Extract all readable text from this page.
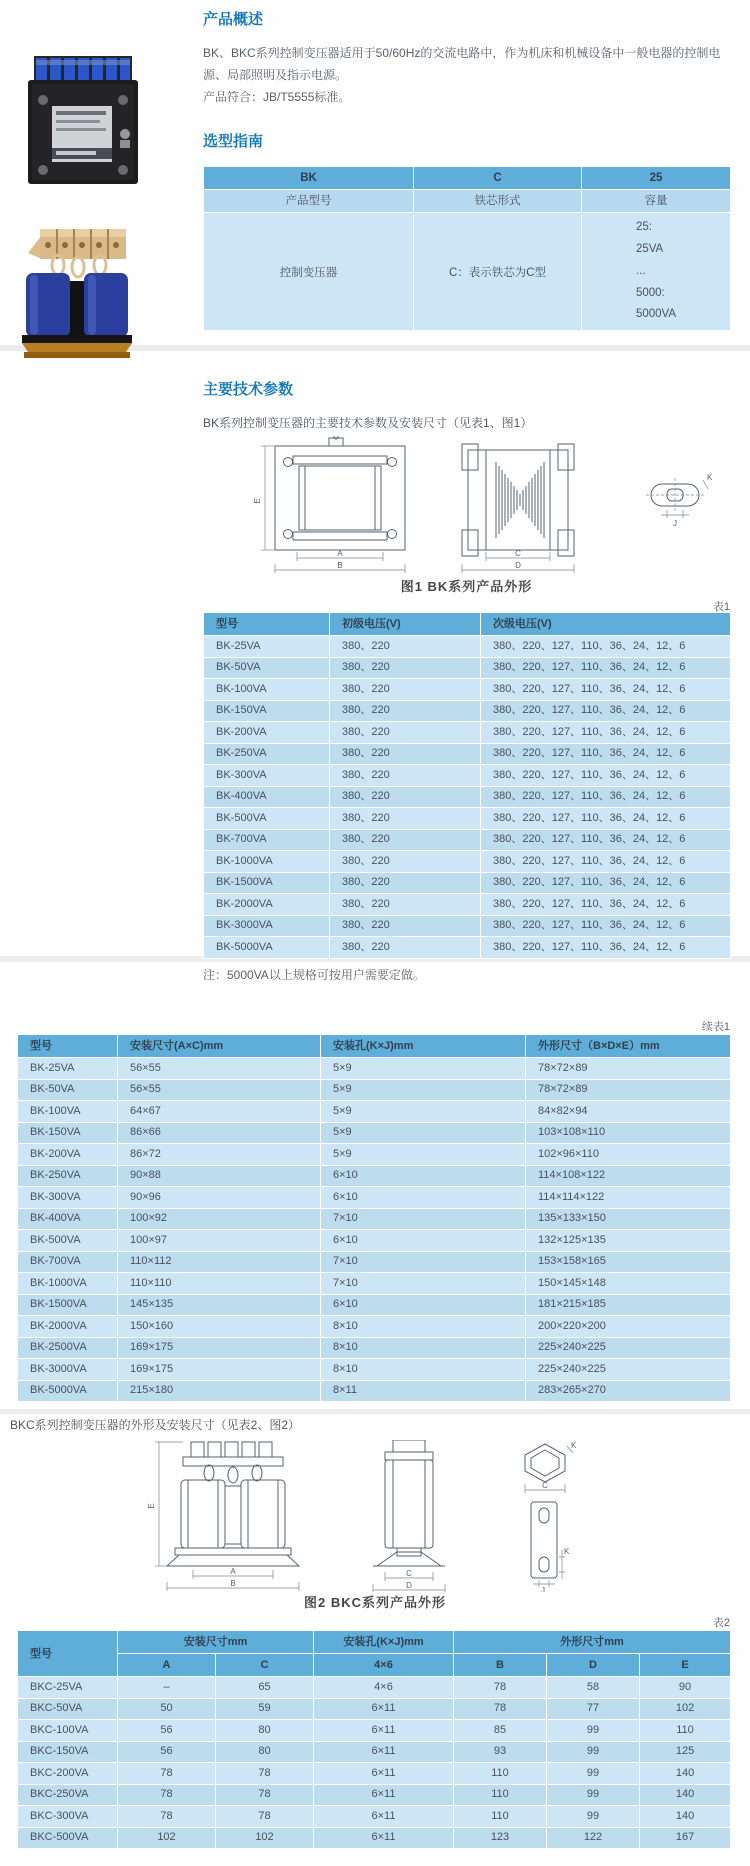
产品概述
BK、BKC系列控制变压器适用于50/60Hz的交流电路中，作为机床和机械设备中一般电器的控制电源、局部照明及指示电源。
产品符合：JB/T5555标准。
选型指南
BK	C	25
产品型号	铁芯形式	容量
控制变压器	C：表示铁芯为C型	25:
25VA
...
5000:
5000VA
主要技术参数
BK系列控制变压器的主要技术参数及安装尺寸（见表1、图1）
E
A
B
C
D
K
J
图1 BK系列产品外形
表1
型号	初级电压(V)	次级电压(V)
BK-25VA	380、220	380、220、127、110、36、24、12、6
BK-50VA	380、220	380、220、127、110、36、24、12、6
BK-100VA	380、220	380、220、127、110、36、24、12、6
BK-150VA	380、220	380、220、127、110、36、24、12、6
BK-200VA	380、220	380、220、127、110、36、24、12、6
BK-250VA	380、220	380、220、127、110、36、24、12、6
BK-300VA	380、220	380、220、127、110、36、24、12、6
BK-400VA	380、220	380、220、127、110、36、24、12、6
BK-500VA	380、220	380、220、127、110、36、24、12、6
BK-700VA	380、220	380、220、127、110、36、24、12、6
BK-1000VA	380、220	380、220、127、110、36、24、12、6
BK-1500VA	380、220	380、220、127、110、36、24、12、6
BK-2000VA	380、220	380、220、127、110、36、24、12、6
BK-3000VA	380、220	380、220、127、110、36、24、12、6
BK-5000VA	380、220	380、220、127、110、36、24、12、6
注：5000VA以上规格可按用户需要定做。
续表1
型号	安装尺寸(A×C)mm	安装孔(K×J)mm	外形尺寸（B×D×E）mm
BK-25VA	56×55	5×9	78×72×89
BK-50VA	56×55	5×9	78×72×89
BK-100VA	64×67	5×9	84×82×94
BK-150VA	86×66	5×9	103×108×110
BK-200VA	86×72	5×9	102×96×110
BK-250VA	90×88	6×10	114×108×122
BK-300VA	90×96	6×10	114×114×122
BK-400VA	100×92	7×10	135×133×150
BK-500VA	100×97	6×10	132×125×135
BK-700VA	110×112	7×10	153×158×165
BK-1000VA	110×110	7×10	150×145×148
BK-1500VA	145×135	6×10	181×215×185
BK-2000VA	150×160	8×10	200×220×200
BK-2500VA	169×175	8×10	225×240×225
BK-3000VA	169×175	8×10	225×240×225
BK-5000VA	215×180	8×11	283×265×270
BKC系列控制变压器的外形及安装尺寸（见表2、图2）
E
A
B
C
D
K
C
K
J
图2 BKC系列产品外形
表2
型号	安装尺寸mm		安装孔(K×J)mm	外形尺寸mm		
	A	C	4×6	B	D	E
BKC-25VA	–	65	4×6	78	58	90
BKC-50VA	50	59	6×11	78	77	102
BKC-100VA	56	80	6×11	85	99	110
BKC-150VA	56	80	6×11	93	99	125
BKC-200VA	78	78	6×11	110	99	140
BKC-250VA	78	78	6×11	110	99	140
BKC-300VA	78	78	6×11	110	99	140
BKC-500VA	102	102	6×11	123	122	167
